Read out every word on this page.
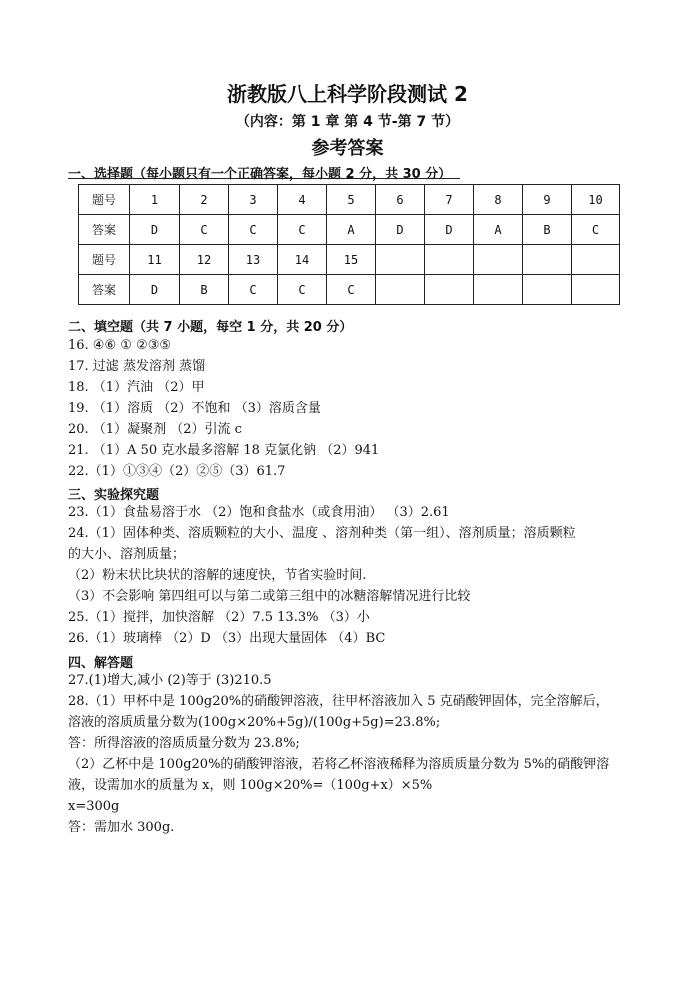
浙教版八上科学阶段测试 2
（内容：第 1 章 第 4 节-第 7 节）
参考答案
一、选择题（每小题只有一个正确答案，每小题 2 分，共 30 分）
题号	1	2	3	4	5	6	7	8	9	10
答案	D	C	C	C	A	D	D	A	B	C
题号	11	12	13	14	15					
答案	D	B	C	C	C					
二、填空题（共 7 小题，每空 1 分，共 20 分）
16. ④⑥ ① ②③⑤
17. 过滤 蒸发溶剂 蒸馏
18. （1）汽油 （2）甲
19. （1）溶质 （2）不饱和 （3）溶质含量
20. （1）凝聚剂 （2）引流 c
21. （1）A 50 克水最多溶解 18 克氯化钠 （2）941
22.（1）①③④（2）②⑤（3）61.7
三、实验探究题
23.（1）食盐易溶于水 （2）饱和食盐水（或食用油） （3）2.61
24.（1）固体种类、溶质颗粒的大小、温度 、溶剂种类（第一组）、溶剂质量；溶质颗粒
的大小、溶剂质量；
（2）粉末状比块状的溶解的速度快，节省实验时间.
（3）不会影响 第四组可以与第二或第三组中的冰糖溶解情况进行比较
25.（1）搅拌，加快溶解 （2）7.5 13.3% （3）小
26.（1）玻璃棒 （2）D （3）出现大量固体 （4）BC
四、解答题
27.(1)增大,减小 (2)等于 (3)210.5
28.（1）甲杯中是 100g20%的硝酸钾溶液，往甲杯溶液加入 5 克硝酸钾固体，完全溶解后，
溶液的溶质质量分数为(100g×20%+5g)/(100g+5g)=23.8%;
答：所得溶液的溶质质量分数为 23.8%;
（2）乙杯中是 100g20%的硝酸钾溶液，若将乙杯溶液稀释为溶质质量分数为 5%的硝酸钾溶
液，设需加水的质量为 x，则 100g×20%=（100g+x）×5%
x=300g
答：需加水 300g.
